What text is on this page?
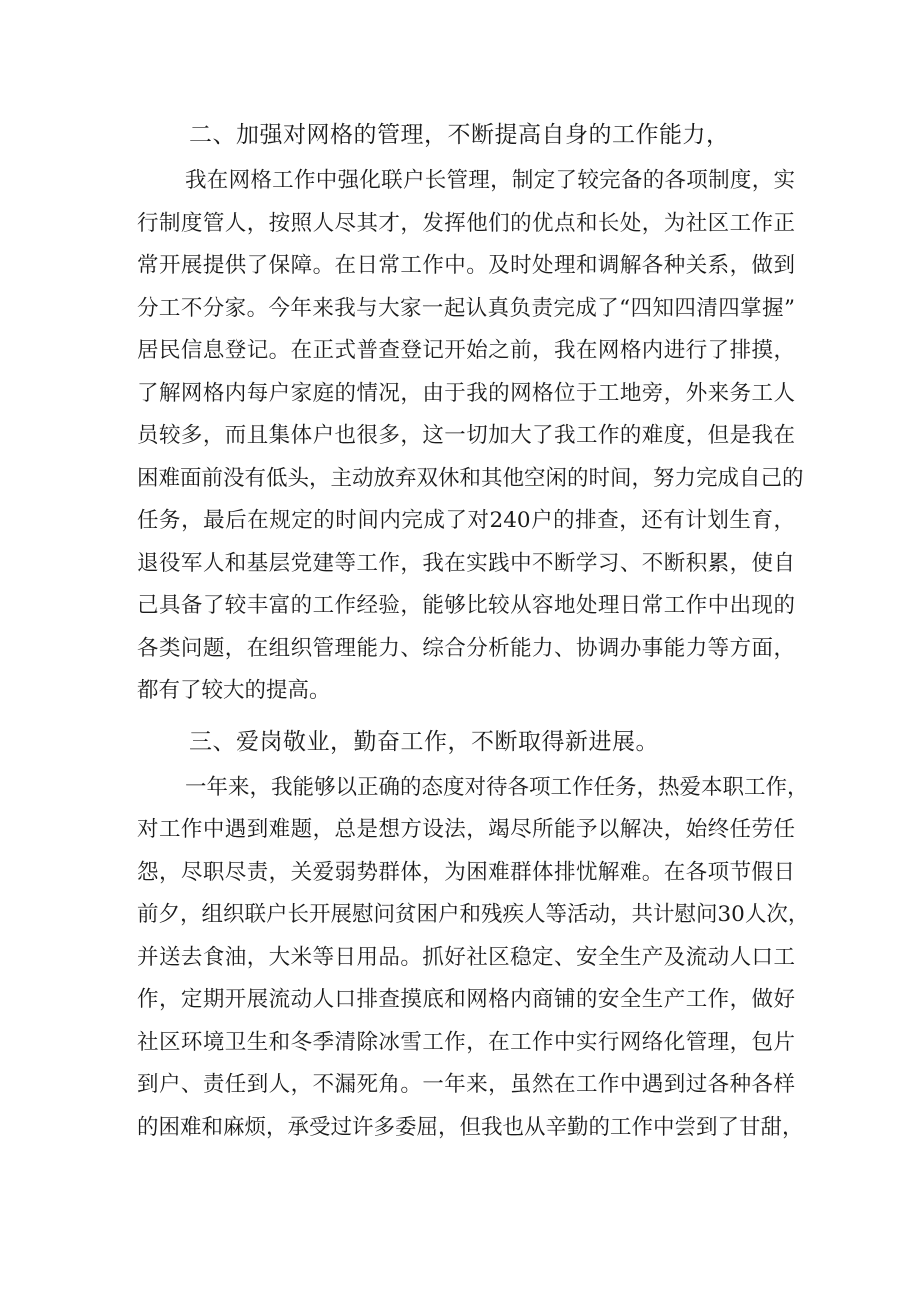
二、加强对网格的管理，不断提高自身的工作能力，
我在网格工作中强化联户长管理，制定了较完备的各项制度，实
行制度管人，按照人尽其才，发挥他们的优点和长处，为社区工作正
常开展提供了保障。在日常工作中。及时处理和调解各种关系，做到
分工不分家。今年来我与大家一起认真负责完成了“四知四清四掌握”
居民信息登记。在正式普查登记开始之前，我在网格内进行了排摸，
了解网格内每户家庭的情况，由于我的网格位于工地旁，外来务工人
员较多，而且集体户也很多，这一切加大了我工作的难度，但是我在
困难面前没有低头，主动放弃双休和其他空闲的时间，努力完成自己的
任务，最后在规定的时间内完成了对240户的排查，还有计划生育，
退役军人和基层党建等工作，我在实践中不断学习、不断积累，使自
己具备了较丰富的工作经验，能够比较从容地处理日常工作中出现的
各类问题，在组织管理能力、综合分析能力、协调办事能力等方面，
都有了较大的提高。
三、爱岗敬业，勤奋工作，不断取得新进展。
一年来，我能够以正确的态度对待各项工作任务，热爱本职工作，
对工作中遇到难题，总是想方设法，竭尽所能予以解决，始终任劳任
怨，尽职尽责，关爱弱势群体，为困难群体排忧解难。在各项节假日
前夕，组织联户长开展慰问贫困户和残疾人等活动，共计慰问30人次，
并送去食油，大米等日用品。抓好社区稳定、安全生产及流动人口工
作，定期开展流动人口排查摸底和网格内商铺的安全生产工作，做好
社区环境卫生和冬季清除冰雪工作，在工作中实行网络化管理，包片
到户、责任到人，不漏死角。一年来，虽然在工作中遇到过各种各样
的困难和麻烦，承受过许多委屈，但我也从辛勤的工作中尝到了甘甜，
